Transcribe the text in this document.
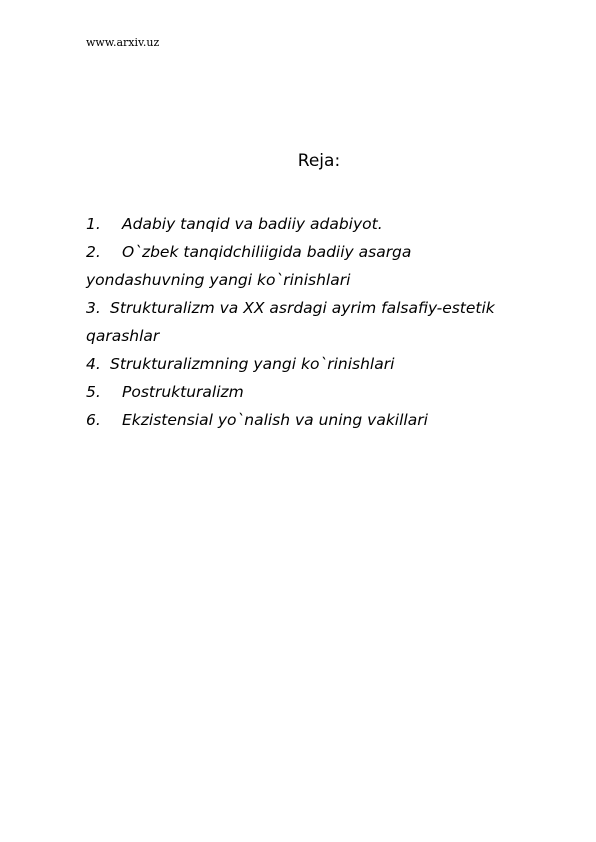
www.arxiv.uz
Reja:
1. Adabiy tanqid va badiiy adabiyot.
2. O`zbek tanqidchiliigida badiiy asarga
yondashuvning yangi ko`rinishlari
3. Strukturalizm va XX asrdagi ayrim falsafiy-estetik
qarashlar
4. Strukturalizmning yangi ko`rinishlari
5. Postrukturalizm
6. Ekzistensial yo`nalish va uning vakillari
